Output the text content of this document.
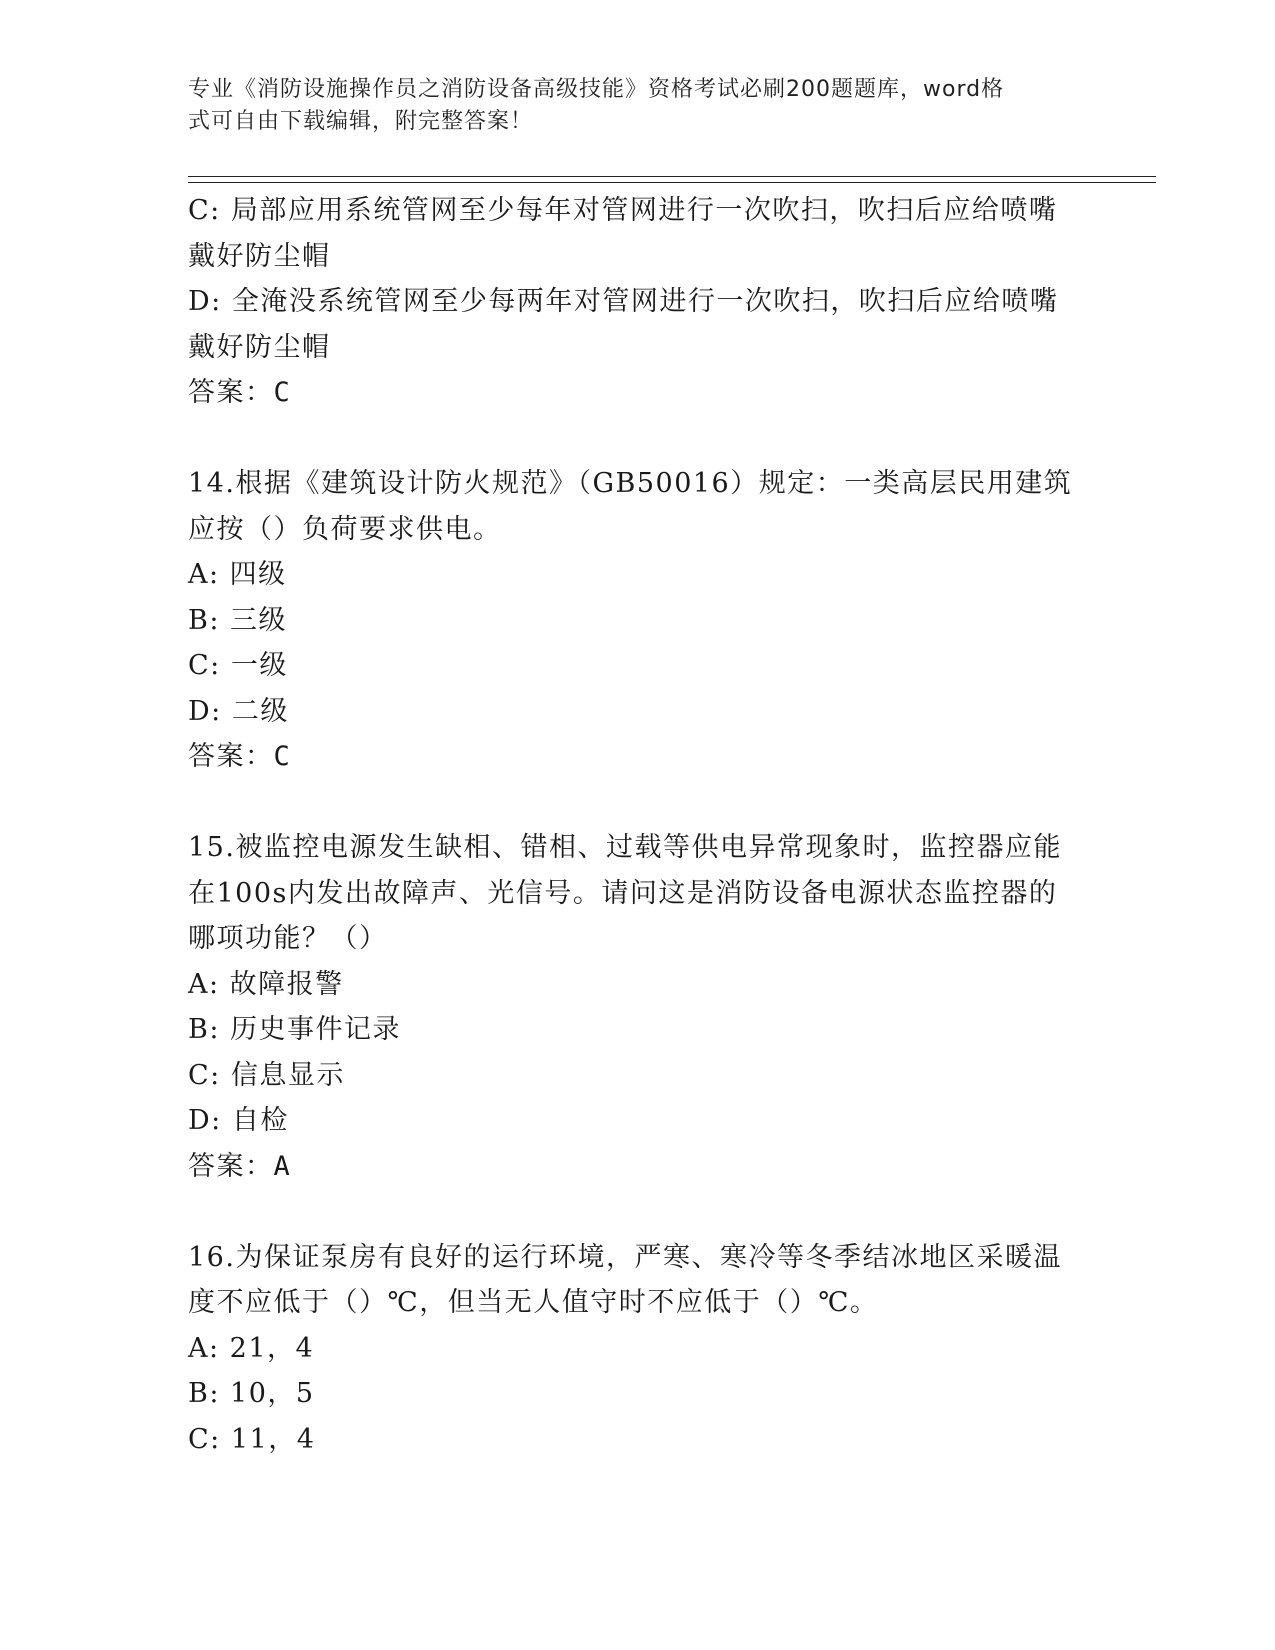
专业《消防设施操作员之消防设备高级技能》资格考试必刷200题题库，word格
式可自由下载编辑，附完整答案！
C: 局部应用系统管网至少每年对管网进行一次吹扫，吹扫后应给喷嘴
戴好防尘帽
D: 全淹没系统管网至少每两年对管网进行一次吹扫，吹扫后应给喷嘴
戴好防尘帽
答案：C
14.根据《建筑设计防火规范》（GB50016）规定：一类高层民用建筑
应按（）负荷要求供电。
A: 四级
B: 三级
C: 一级
D: 二级
答案：C
15.被监控电源发生缺相、错相、过载等供电异常现象时，监控器应能
在100s内发出故障声、光信号。请问这是消防设备电源状态监控器的
哪项功能？（）
A: 故障报警
B: 历史事件记录
C: 信息显示
D: 自检
答案：A
16.为保证泵房有良好的运行环境，严寒、寒冷等冬季结冰地区采暖温
度不应低于（）℃，但当无人值守时不应低于（）℃。
A: 21，4
B: 10，5
C: 11，4
